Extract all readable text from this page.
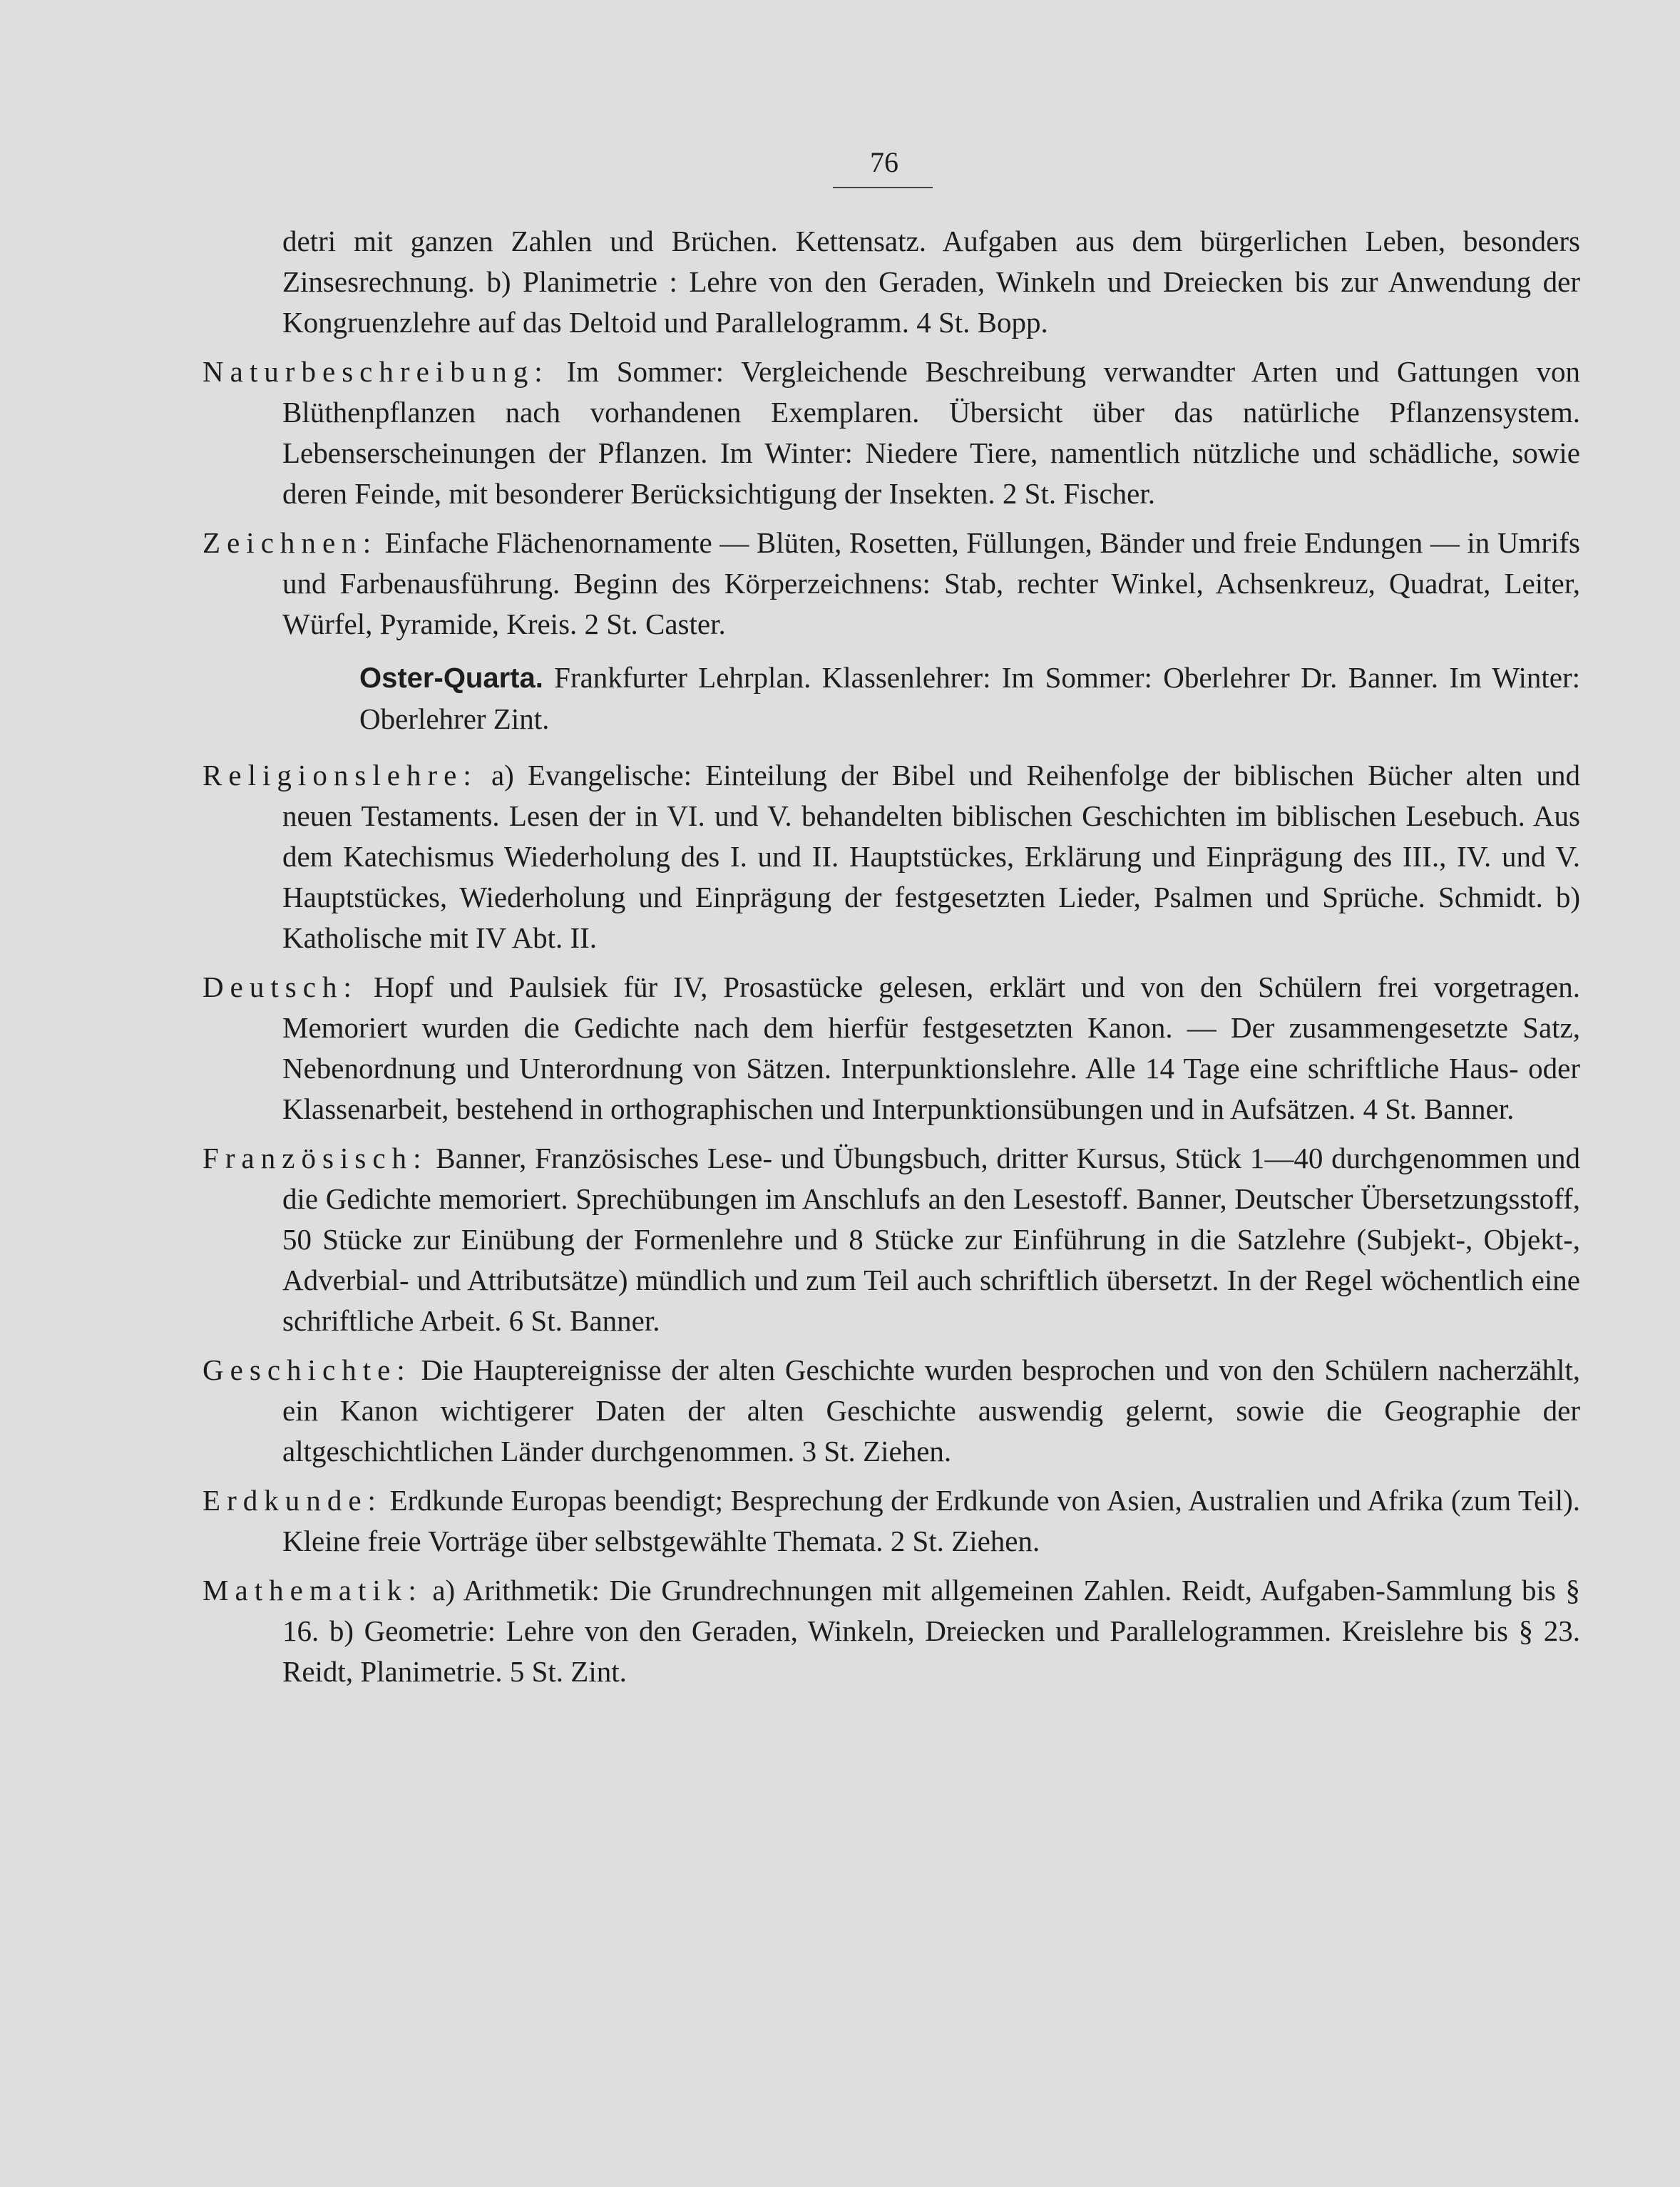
76

detri mit ganzen Zahlen und Brüchen. Kettensatz. Aufgaben aus dem bürgerlichen Leben, besonders Zinsesrechnung. b) Planimetrie : Lehre von den Geraden, Winkeln und Dreiecken bis zur Anwendung der Kongruenzlehre auf das Deltoid und Parallelogramm. 4 St. Bopp.

Naturbeschreibung: Im Sommer: Vergleichende Beschreibung verwandter Arten und Gattungen von Blüthenpflanzen nach vorhandenen Exemplaren. Übersicht über das natürliche Pflanzensystem. Lebenserscheinungen der Pflanzen. Im Winter: Niedere Tiere, namentlich nützliche und schädliche, sowie deren Feinde, mit besonderer Berücksichtigung der Insekten. 2 St. Fischer.

Zeichnen: Einfache Flächenornamente — Blüten, Rosetten, Füllungen, Bänder und freie Endungen — in Umrifs und Farbenausführung. Beginn des Körperzeichnens: Stab, rechter Winkel, Achsenkreuz, Quadrat, Leiter, Würfel, Pyramide, Kreis. 2 St. Caster.

Oster-Quarta. Frankfurter Lehrplan. Klassenlehrer: Im Sommer: Oberlehrer Dr. Banner. Im Winter: Oberlehrer Zint.

Religionslehre: a) Evangelische: Einteilung der Bibel und Reihenfolge der biblischen Bücher alten und neuen Testaments. Lesen der in VI. und V. behandelten biblischen Geschichten im biblischen Lesebuch. Aus dem Katechismus Wiederholung des I. und II. Hauptstückes, Erklärung und Einprägung des III., IV. und V. Hauptstückes, Wiederholung und Einprägung der festgesetzten Lieder, Psalmen und Sprüche. Schmidt. b) Katholische mit IV Abt. II.

Deutsch: Hopf und Paulsiek für IV, Prosastücke gelesen, erklärt und von den Schülern frei vorgetragen. Memoriert wurden die Gedichte nach dem hierfür festgesetzten Kanon. — Der zusammengesetzte Satz, Nebenordnung und Unterordnung von Sätzen. Interpunktionslehre. Alle 14 Tage eine schriftliche Haus- oder Klassenarbeit, bestehend in orthographischen und Interpunktionsübungen und in Aufsätzen. 4 St. Banner.

Französisch: Banner, Französisches Lese- und Übungsbuch, dritter Kursus, Stück 1—40 durchgenommen und die Gedichte memoriert. Sprechübungen im Anschlufs an den Lesestoff. Banner, Deutscher Übersetzungsstoff, 50 Stücke zur Einübung der Formenlehre und 8 Stücke zur Einführung in die Satzlehre (Subjekt-, Objekt-, Adverbial- und Attributsätze) mündlich und zum Teil auch schriftlich übersetzt. In der Regel wöchentlich eine schriftliche Arbeit. 6 St. Banner.

Geschichte: Die Hauptereignisse der alten Geschichte wurden besprochen und von den Schülern nacherzählt, ein Kanon wichtigerer Daten der alten Geschichte auswendig gelernt, sowie die Geographie der altgeschichtlichen Länder durchgenommen. 3 St. Ziehen.

Erdkunde: Erdkunde Europas beendigt; Besprechung der Erdkunde von Asien, Australien und Afrika (zum Teil). Kleine freie Vorträge über selbstgewählte Themata. 2 St. Ziehen.

Mathematik: a) Arithmetik: Die Grundrechnungen mit allgemeinen Zahlen. Reidt, Aufgaben-Sammlung bis § 16. b) Geometrie: Lehre von den Geraden, Winkeln, Dreiecken und Parallelogrammen. Kreislehre bis § 23. Reidt, Planimetrie. 5 St. Zint.
